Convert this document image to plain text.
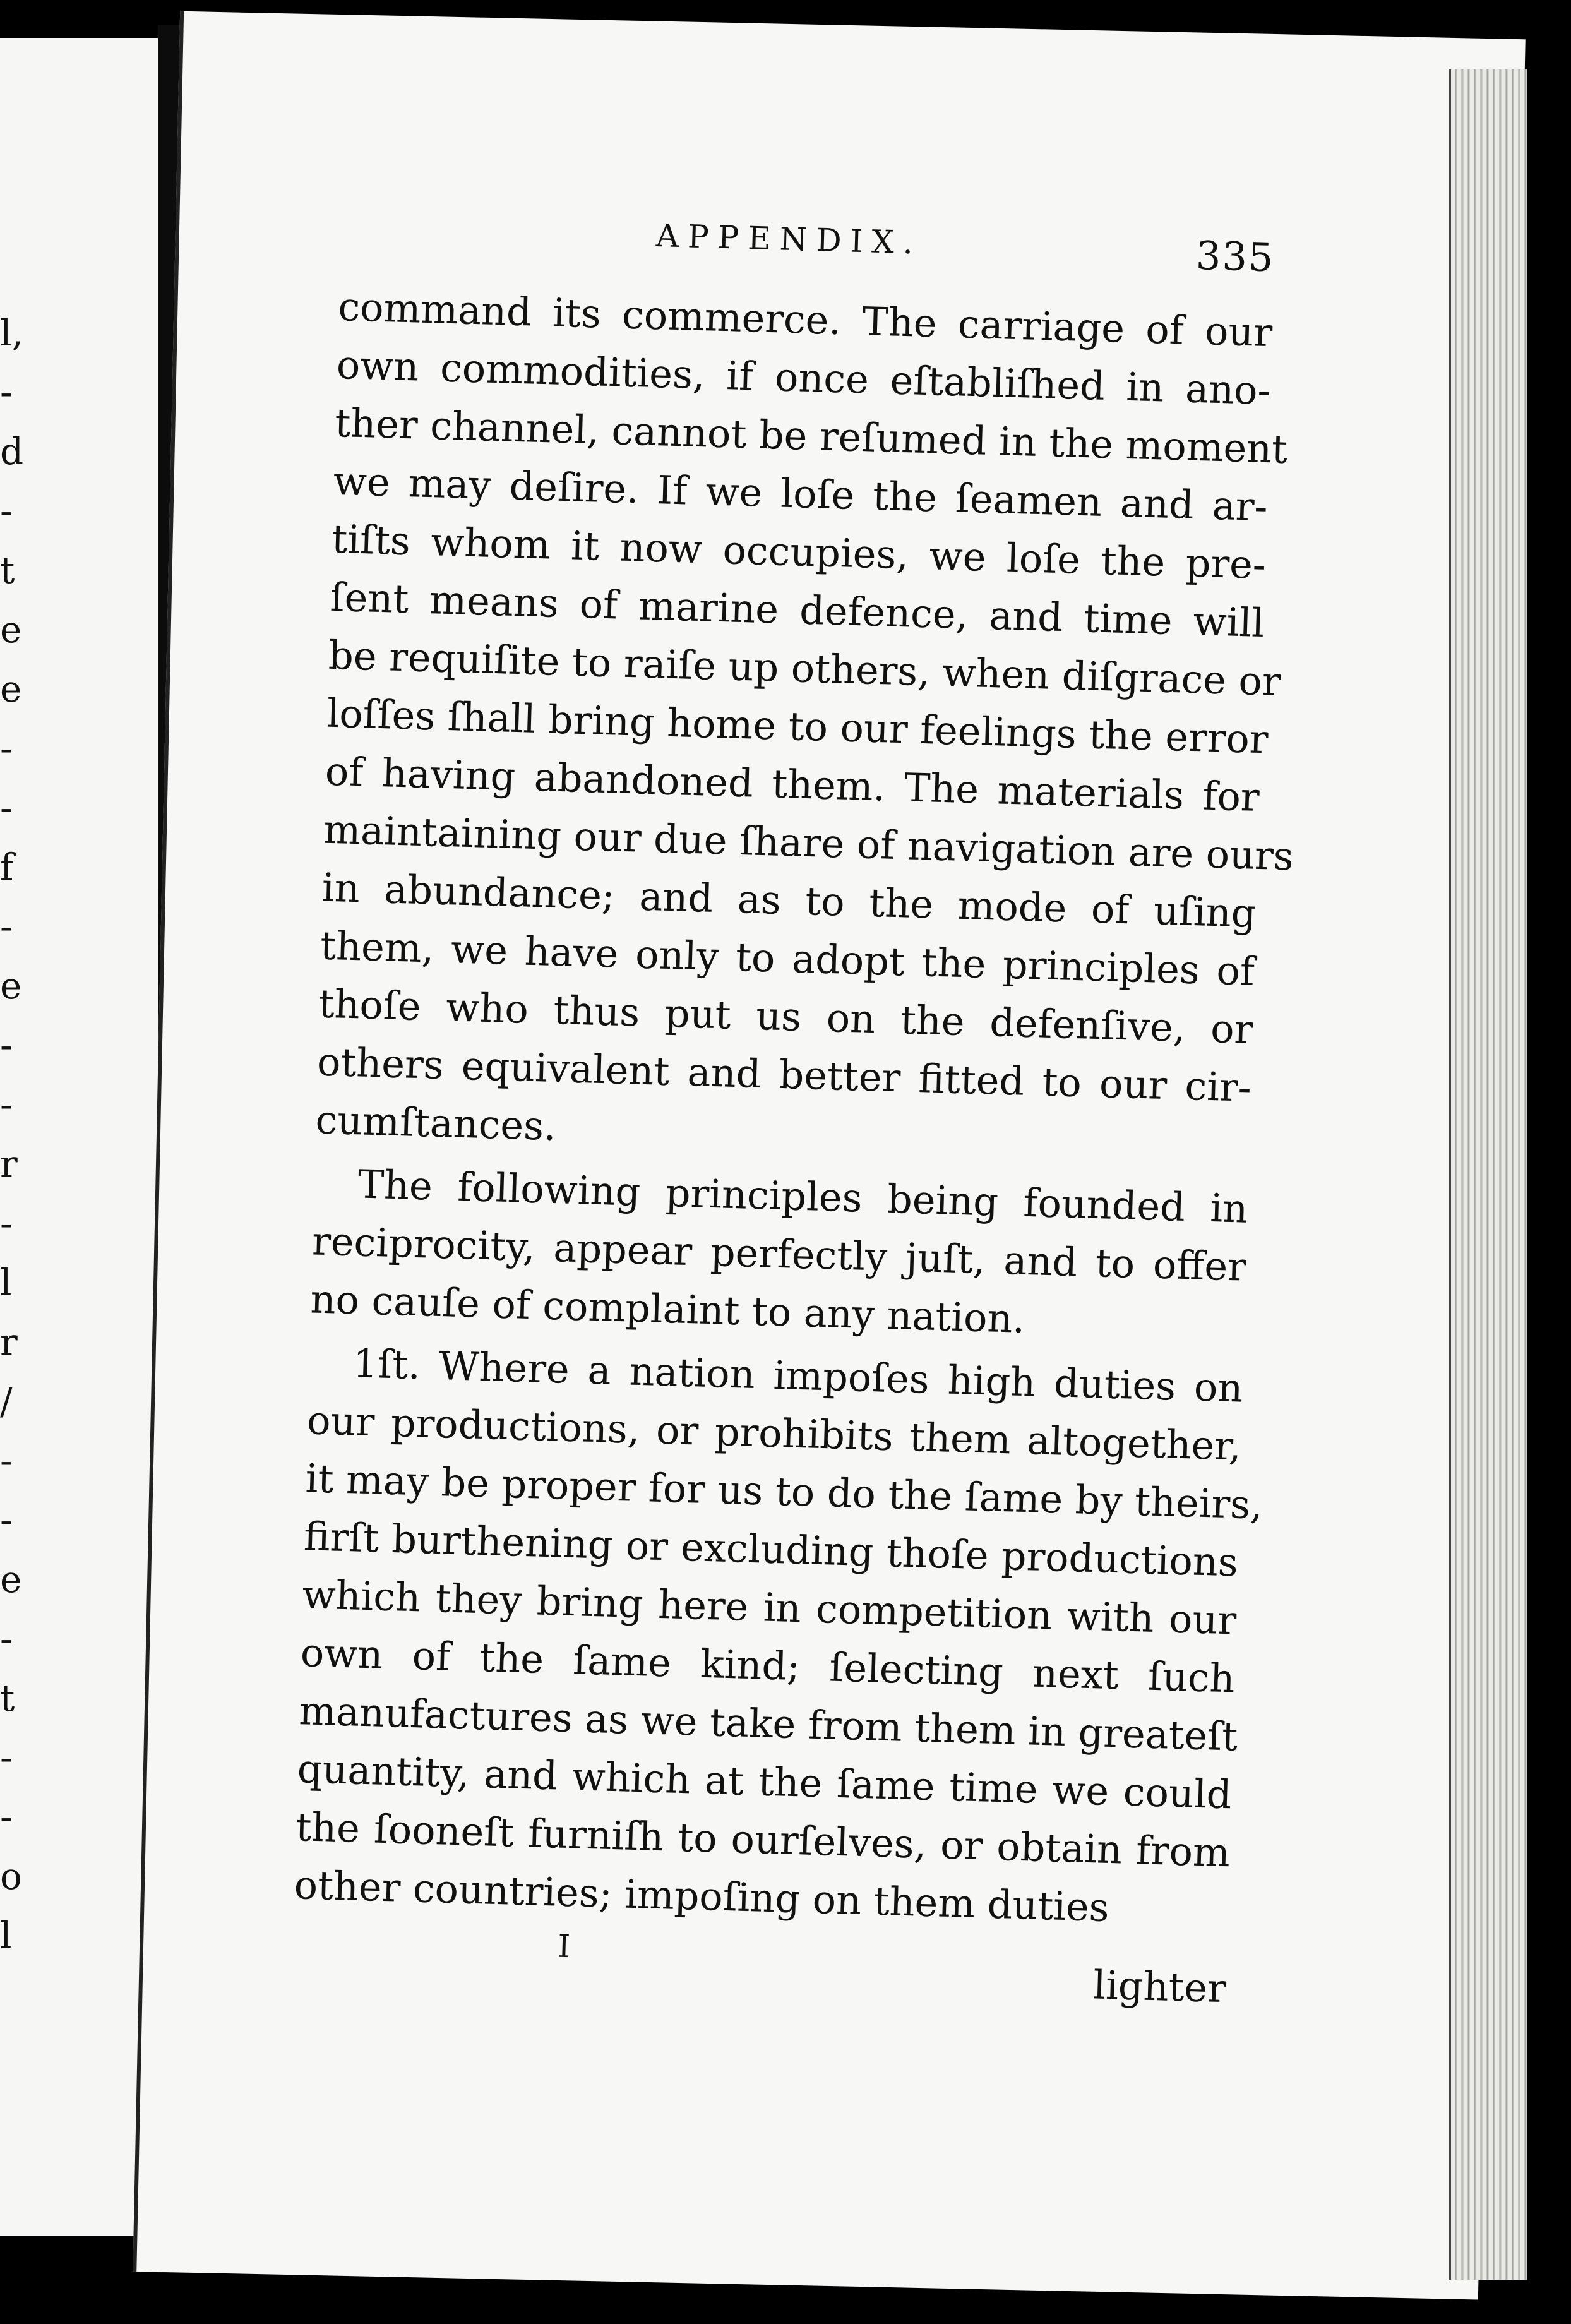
l,
-
d
-
t
e
e
-
-
f
-
e
-
-
r
-
l
r
/
-
-
e
-
t
-
-
o
l
APPENDIX.	335
command its commerce. The carriage of our
own commodities, if once eſtabliſhed in ano-
ther channel, cannot be reſumed in the moment
we may deſire. If we loſe the ſeamen and ar-
tiſts whom it now occupies, we loſe the pre-
ſent means of marine defence, and time will
be requiſite to raiſe up others, when diſgrace or
loſſes ſhall bring home to our feelings the error
of having abandoned them. The materials for
maintaining our due ſhare of navigation are ours
in abundance; and as to the mode of uſing
them, we have only to adopt the principles of
thoſe who thus put us on the defenſive, or
others equivalent and better fitted to our cir-
cumſtances.
The following principles being founded in
reciprocity, appear perfectly juſt, and to offer
no cauſe of complaint to any nation.
1ſt. Where a nation impoſes high duties on
our productions, or prohibits them altogether,
it may be proper for us to do the ſame by theirs,
firſt burthening or excluding thoſe productions
which they bring here in competition with our
own of the ſame kind; ſelecting next ſuch
manufactures as we take from them in greateſt
quantity, and which at the ſame time we could
the ſooneſt furniſh to ourſelves, or obtain from
other countries; impoſing on them duties
I
lighter
